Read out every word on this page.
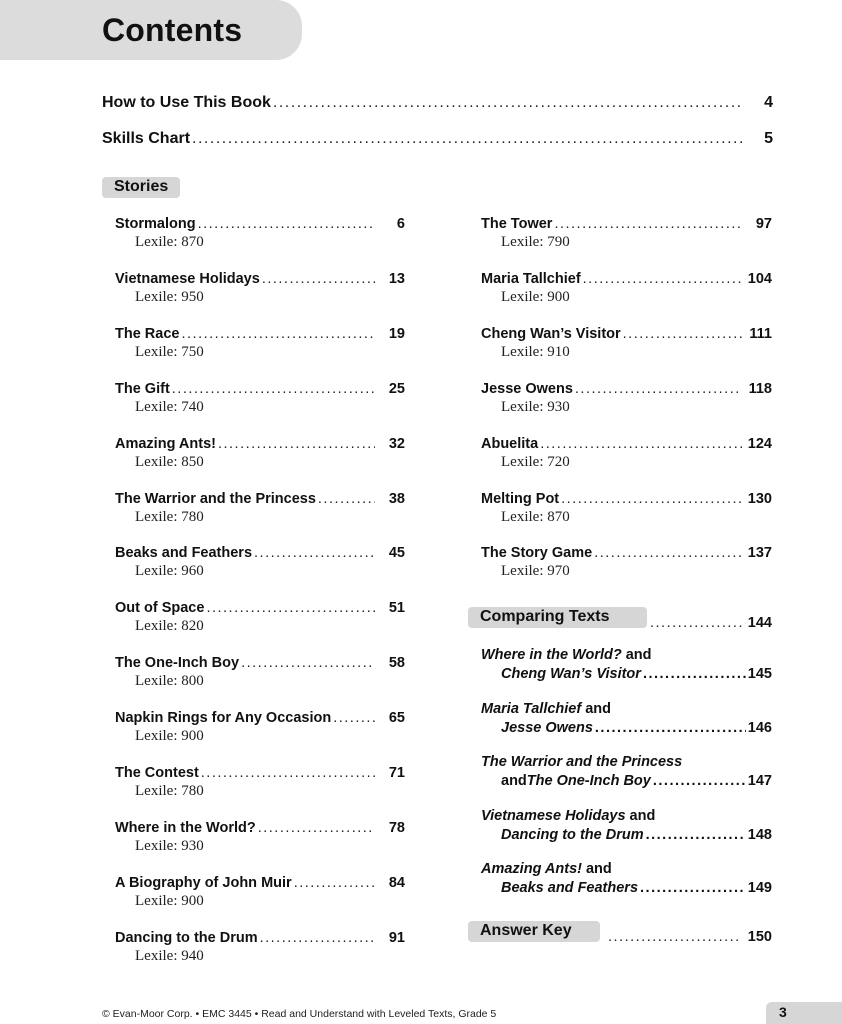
Contents
How to Use This Book .....	4
Skills Chart .....	5
Stories
Stormalong .....	6
Lexile: 870
Vietnamese Holidays .....	13
Lexile: 950
The Race .....	19
Lexile: 750
The Gift .....	25
Lexile: 740
Amazing Ants! .....	32
Lexile: 850
The Warrior and the Princess .....	38
Lexile: 780
Beaks and Feathers .....	45
Lexile: 960
Out of Space .....	51
Lexile: 820
The One-Inch Boy .....	58
Lexile: 800
Napkin Rings for Any Occasion .....	65
Lexile: 900
The Contest .....	71
Lexile: 780
Where in the World? .....	78
Lexile: 930
A Biography of John Muir .....	84
Lexile: 900
Dancing to the Drum .....	91
Lexile: 940
The Tower .....	97
Lexile: 790
Maria Tallchief .....	104
Lexile: 900
Cheng Wan’s Visitor .....	111
Lexile: 910
Jesse Owens .....	118
Lexile: 930
Abuelita .....	124
Lexile: 720
Melting Pot .....	130
Lexile: 870
The Story Game .....	137
Lexile: 970
Comparing Texts .....	144
Where in the World? and
Cheng Wan’s Visitor .....	145
Maria Tallchief and
Jesse Owens .....	146
The Warrior and the Princess
and The One-Inch Boy .....	147
Vietnamese Holidays and
Dancing to the Drum .....	148
Amazing Ants! and
Beaks and Feathers .....	149
Answer Key .....	150
© Evan-Moor Corp. • EMC 3445 • Read and Understand with Leveled Texts, Grade 5	3
